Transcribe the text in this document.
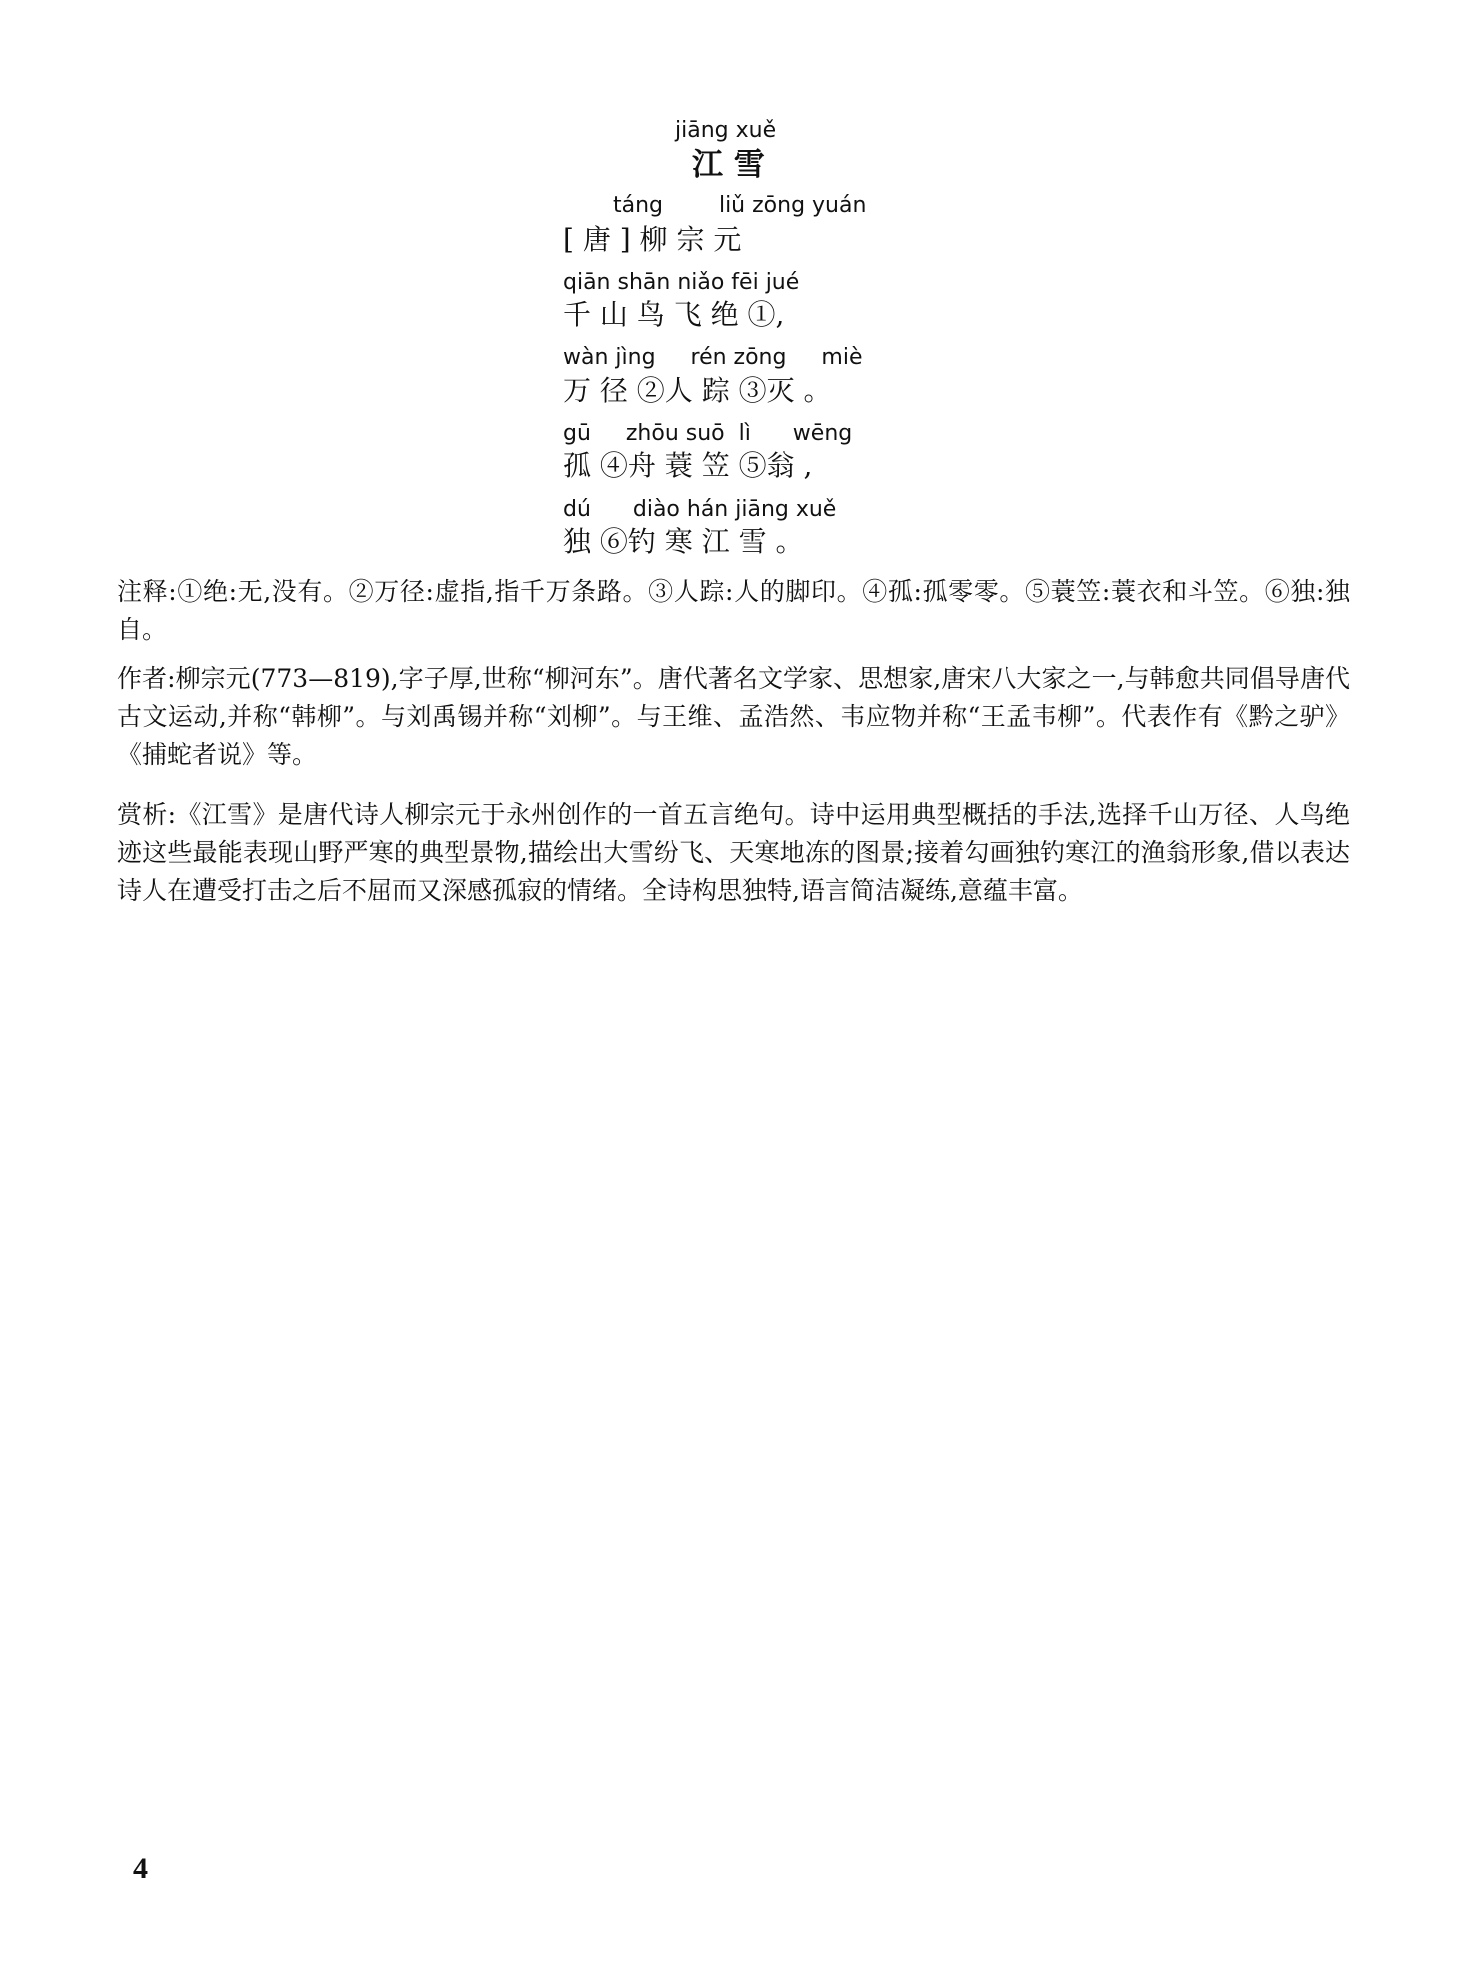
jiāng xuě
江 雪
táng        liǔ zōng yuán
[ 唐 ] 柳 宗 元
qiān shān niǎo fēi jué
千 山 鸟 飞 绝 ①,
wàn jìng     rén zōng     miè
万 径 ②人 踪 ③灭 。
gū     zhōu suō  lì      wēng
孤 ④舟 蓑 笠 ⑤翁 ,
dú      diào hán jiāng xuě
独 ⑥钓 寒 江 雪 。

注释:①绝:无,没有。②万径:虚指,指千万条路。③人踪:人的脚印。④孤:孤零零。⑤蓑笠:蓑衣和斗笠。⑥独:独自。

作者:柳宗元(773—819),字子厚,世称“柳河东”。唐代著名文学家、思想家,唐宋八大家之一,与韩愈共同倡导唐代古文运动,并称“韩柳”。与刘禹锡并称“刘柳”。与王维、孟浩然、韦应物并称“王孟韦柳”。代表作有《黔之驴》《捕蛇者说》等。

赏析:《江雪》是唐代诗人柳宗元于永州创作的一首五言绝句。诗中运用典型概括的手法,选择千山万径、人鸟绝迹这些最能表现山野严寒的典型景物,描绘出大雪纷飞、天寒地冻的图景;接着勾画独钓寒江的渔翁形象,借以表达诗人在遭受打击之后不屈而又深感孤寂的情绪。全诗构思独特,语言简洁凝练,意蕴丰富。

4
